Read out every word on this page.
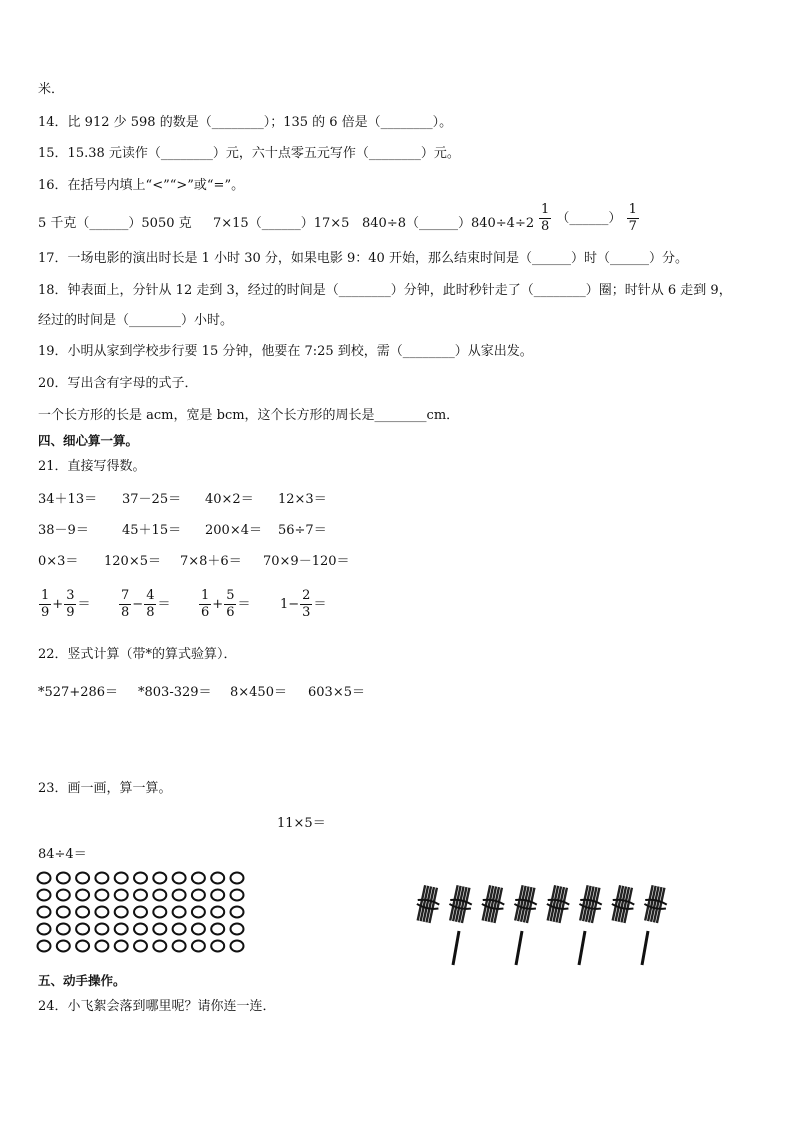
米．
14．比 912 少 598 的数是（________）；135 的 6 倍是（________）。
15．15.38 元读作（________）元，六十点零五元写作（________）元。
16．在括号内填上“<”“>”或“=”。
5 千克（______）5050 克 7×15（______）17×5 840÷8（______）840÷4÷2 $\frac{1}{8}$ （______） $\frac{1}{7}$
17．一场电影的演出时长是 1 小时 30 分，如果电影 9：40 开始，那么结束时间是（______）时（______）分。
18．钟表面上，分针从 12 走到 3，经过的时间是（________）分钟，此时秒针走了（________）圈；时针从 6 走到 9，
经过的时间是（________）小时。
19．小明从家到学校步行要 15 分钟，他要在 7:25 到校，需（________）从家出发。
20．写出含有字母的式子．
一个长方形的长是 acm，宽是 bcm，这个长方形的周长是________cm．
四、细心算一算。
21．直接写得数。
34＋13＝ 37－25＝ 40×2＝ 12×3＝
38－9＝	45＋15＝ 200×4＝ 56÷7＝
0×3＝ 120×5＝ 7×8＋6＝ 70×9－120＝
$\frac{1}{9} + \frac{3}{9} = \frac{7}{8} - \frac{4}{8} = \frac{1}{6} + \frac{5}{6} = 1- \frac{2}{3}$ ＝
22．竖式计算（带*的算式验算）．
*527+286＝ *803-329＝ 8×450＝ 603×5＝
23．画一画，算一算。
11×5＝
84÷4＝
五、动手操作。
24．小飞絮会落到哪里呢？请你连一连．
